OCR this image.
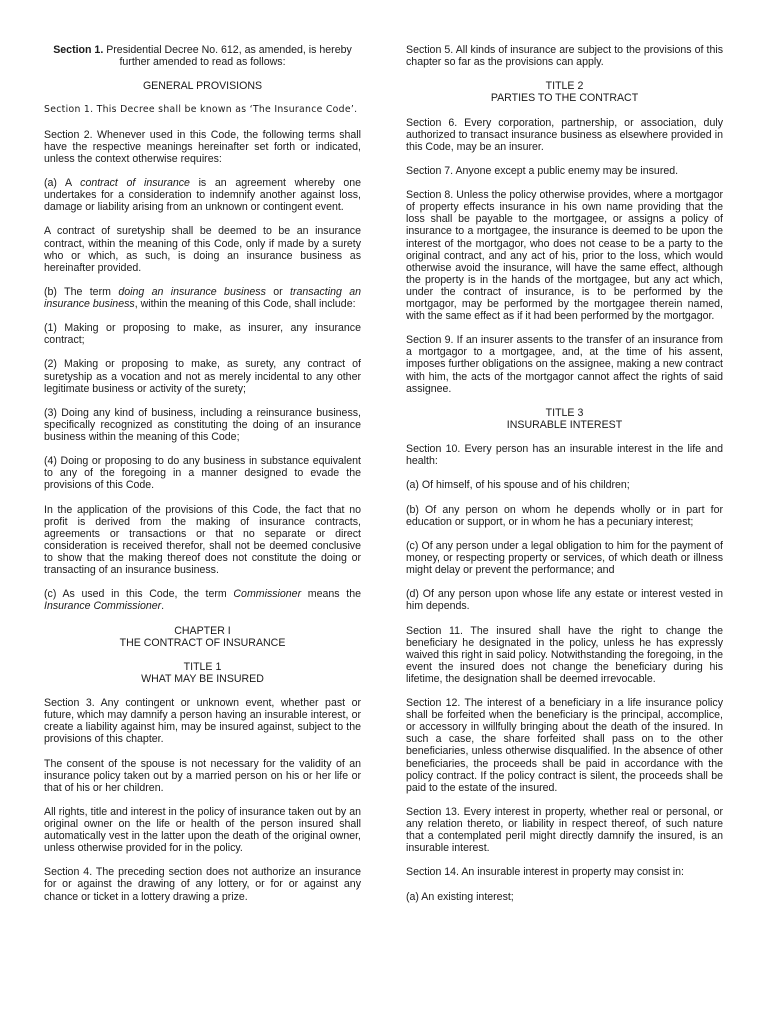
Section 1. Presidential Decree No. 612, as amended, is hereby further amended to read as follows:

GENERAL PROVISIONS

Section 1. This Decree shall be known as ‘The Insurance Code’.

Section 2. Whenever used in this Code, the following terms shall have the respective meanings hereinafter set forth or indicated, unless the context otherwise requires:

(a) A contract of insurance is an agreement whereby one undertakes for a consideration to indemnify another against loss, damage or liability arising from an unknown or contingent event.

A contract of suretyship shall be deemed to be an insurance contract, within the meaning of this Code, only if made by a surety who or which, as such, is doing an insurance business as hereinafter provided.

(b) The term doing an insurance business or transacting an insurance business, within the meaning of this Code, shall include:

(1) Making or proposing to make, as insurer, any insurance contract;

(2) Making or proposing to make, as surety, any contract of suretyship as a vocation and not as merely incidental to any other legitimate business or activity of the surety;

(3) Doing any kind of business, including a reinsurance business, specifically recognized as constituting the doing of an insurance business within the meaning of this Code;

(4) Doing or proposing to do any business in substance equivalent to any of the foregoing in a manner designed to evade the provisions of this Code.

In the application of the provisions of this Code, the fact that no profit is derived from the making of insurance contracts, agreements or transactions or that no separate or direct consideration is received therefor, shall not be deemed conclusive to show that the making thereof does not constitute the doing or transacting of an insurance business.

(c) As used in this Code, the term Commissioner means the Insurance Commissioner.

CHAPTER I
THE CONTRACT OF INSURANCE
TITLE 1
WHAT MAY BE INSURED

Section 3. Any contingent or unknown event, whether past or future, which may damnify a person having an insurable interest, or create a liability against him, may be insured against, subject to the provisions of this chapter.

The consent of the spouse is not necessary for the validity of an insurance policy taken out by a married person on his or her life or that of his or her children.

All rights, title and interest in the policy of insurance taken out by an original owner on the life or health of the person insured shall automatically vest in the latter upon the death of the original owner, unless otherwise provided for in the policy.

Section 4. The preceding section does not authorize an insurance for or against the drawing of any lottery, or for or against any chance or ticket in a lottery drawing a prize.

Section 5. All kinds of insurance are subject to the provisions of this chapter so far as the provisions can apply.

TITLE 2
PARTIES TO THE CONTRACT

Section 6. Every corporation, partnership, or association, duly authorized to transact insurance business as elsewhere provided in this Code, may be an insurer.

Section 7. Anyone except a public enemy may be insured.

Section 8. Unless the policy otherwise provides, where a mortgagor of property effects insurance in his own name providing that the loss shall be payable to the mortgagee, or assigns a policy of insurance to a mortgagee, the insurance is deemed to be upon the interest of the mortgagor, who does not cease to be a party to the original contract, and any act of his, prior to the loss, which would otherwise avoid the insurance, will have the same effect, although the property is in the hands of the mortgagee, but any act which, under the contract of insurance, is to be performed by the mortgagor, may be performed by the mortgagee therein named, with the same effect as if it had been performed by the mortgagor.

Section 9. If an insurer assents to the transfer of an insurance from a mortgagor to a mortgagee, and, at the time of his assent, imposes further obligations on the assignee, making a new contract with him, the acts of the mortgagor cannot affect the rights of said assignee.

TITLE 3
INSURABLE INTEREST

Section 10. Every person has an insurable interest in the life and health:

(a) Of himself, of his spouse and of his children;

(b) Of any person on whom he depends wholly or in part for education or support, or in whom he has a pecuniary interest;

(c) Of any person under a legal obligation to him for the payment of money, or respecting property or services, of which death or illness might delay or prevent the performance; and

(d) Of any person upon whose life any estate or interest vested in him depends.

Section 11. The insured shall have the right to change the beneficiary he designated in the policy, unless he has expressly waived this right in said policy. Notwithstanding the foregoing, in the event the insured does not change the beneficiary during his lifetime, the designation shall be deemed irrevocable.

Section 12. The interest of a beneficiary in a life insurance policy shall be forfeited when the beneficiary is the principal, accomplice, or accessory in willfully bringing about the death of the insured. In such a case, the share forfeited shall pass on to the other beneficiaries, unless otherwise disqualified. In the absence of other beneficiaries, the proceeds shall be paid in accordance with the policy contract. If the policy contract is silent, the proceeds shall be paid to the estate of the insured.

Section 13. Every interest in property, whether real or personal, or any relation thereto, or liability in respect thereof, of such nature that a contemplated peril might directly damnify the insured, is an insurable interest.

Section 14. An insurable interest in property may consist in:

(a) An existing interest;
